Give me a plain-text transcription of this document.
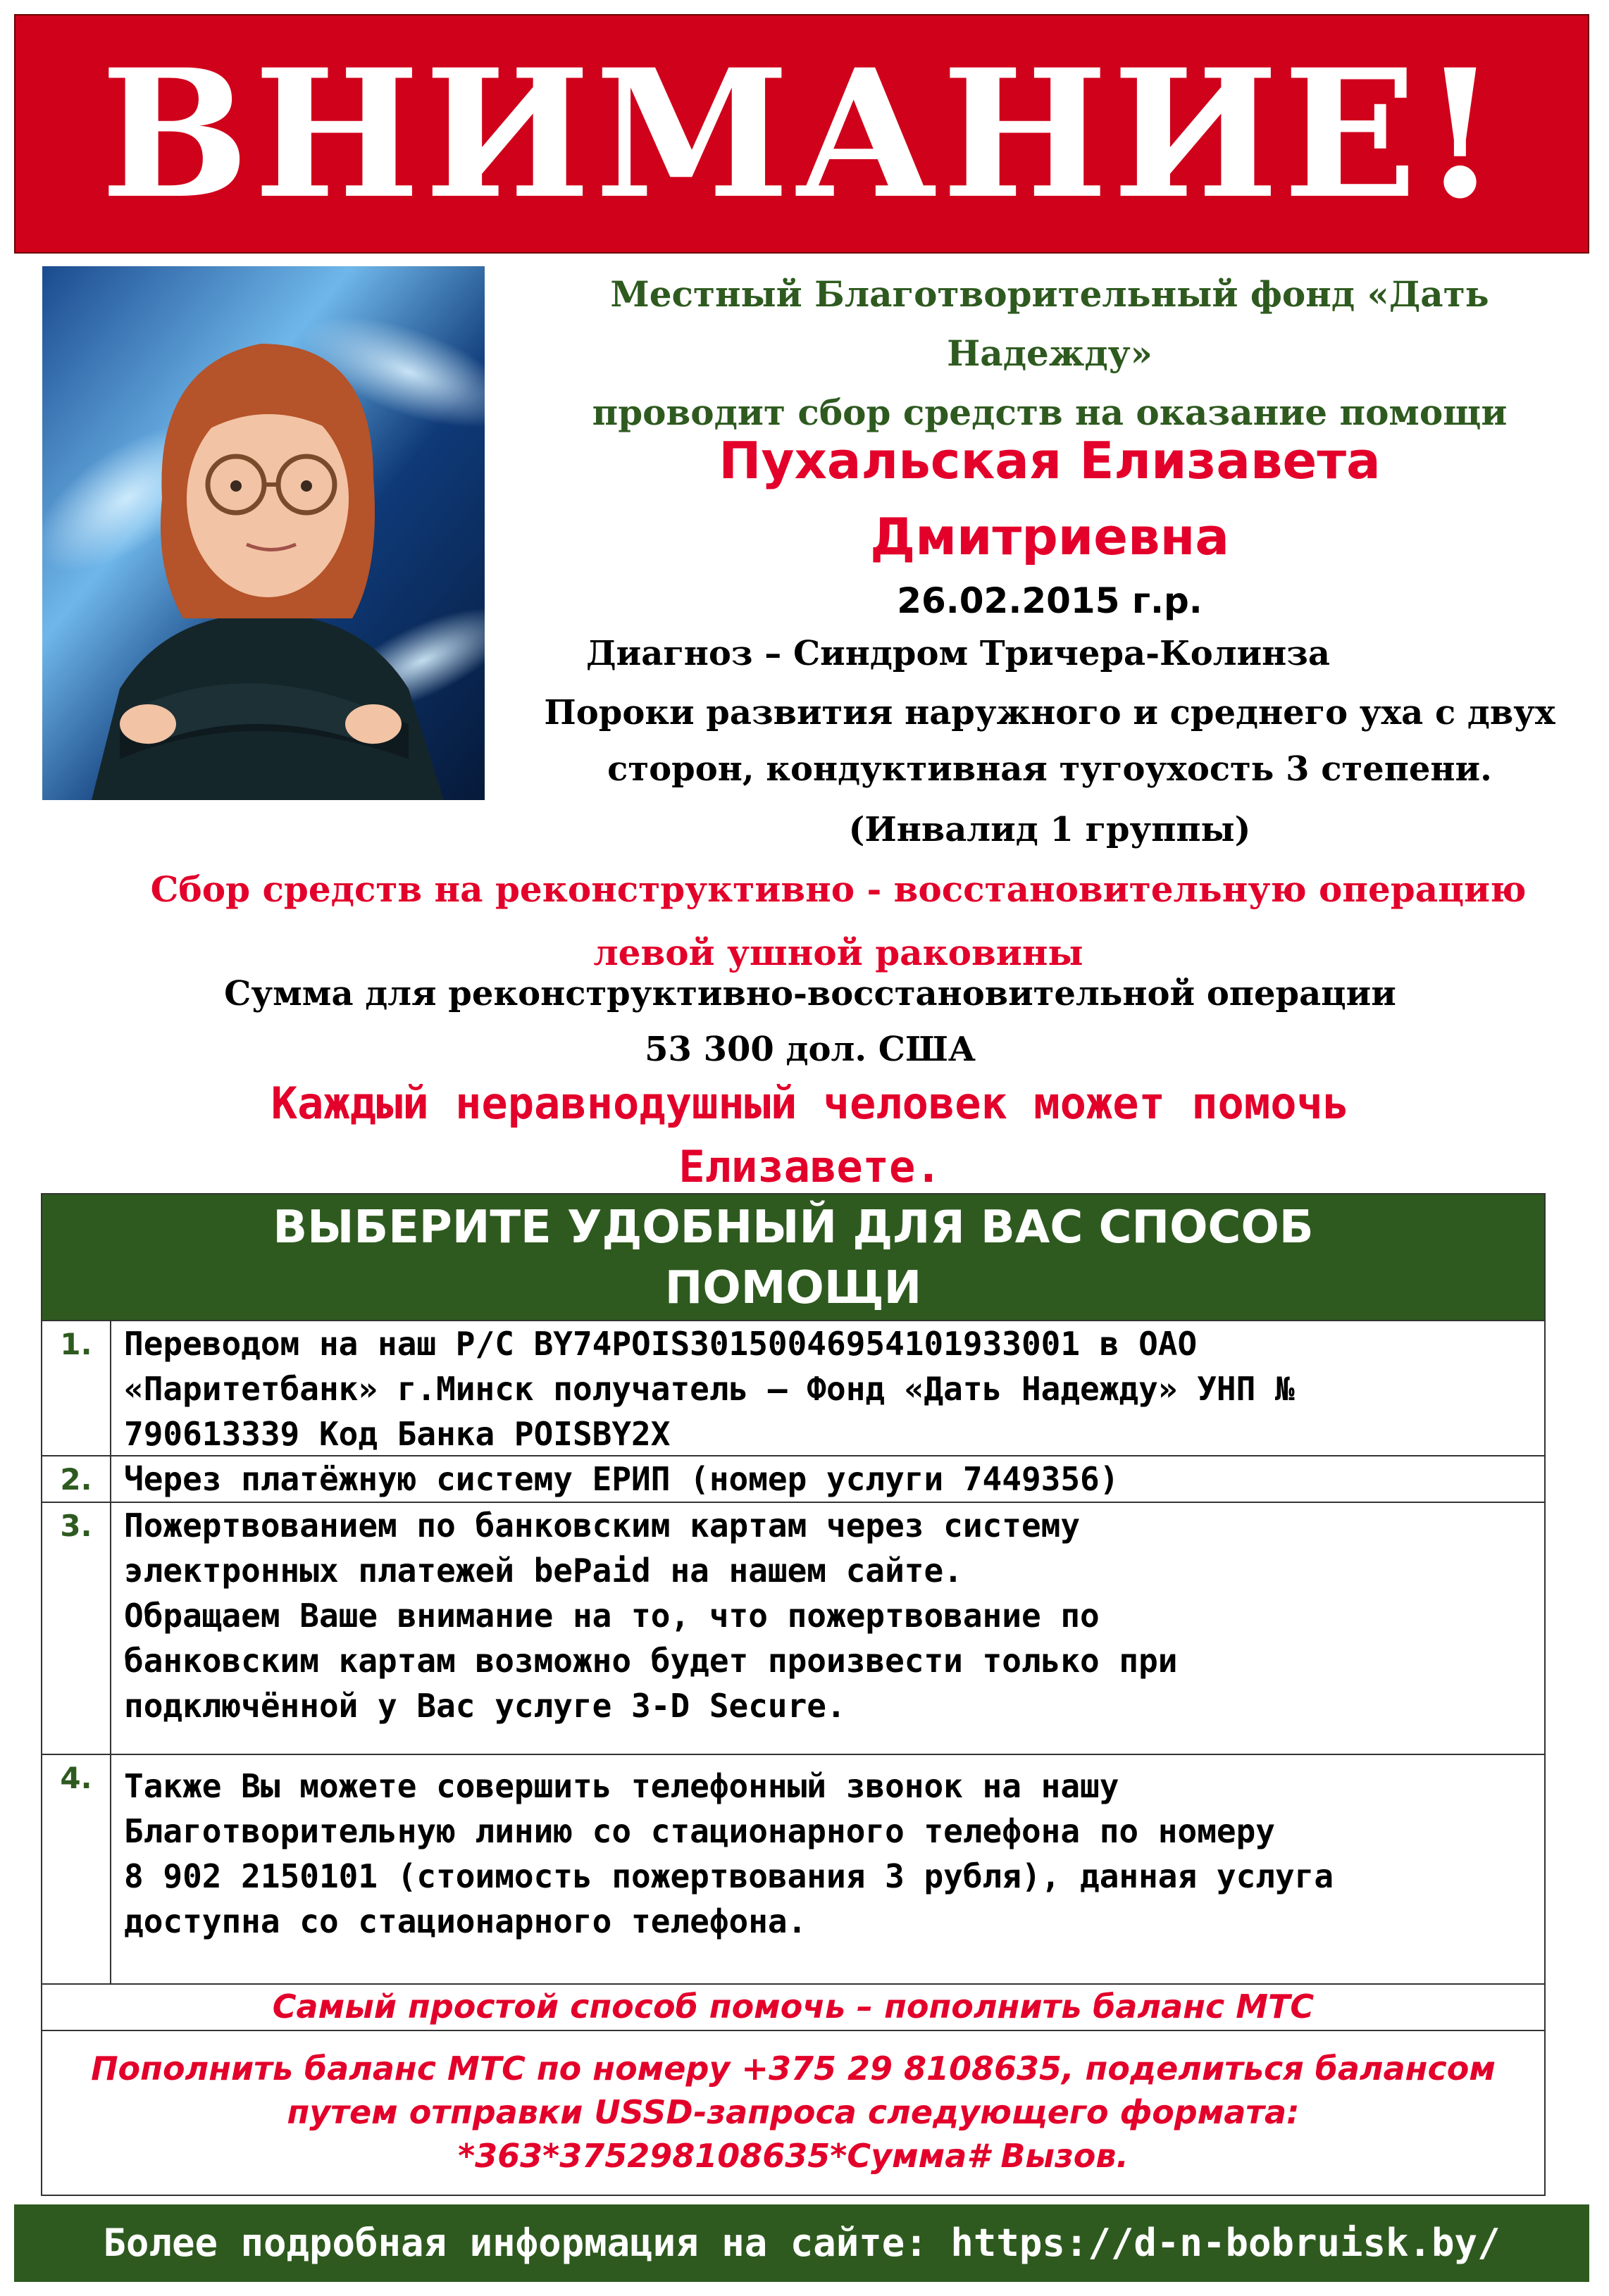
ВНИМАНИЕ!
Местный Благотворительный фонд «Дать
Надежду»
проводит сбор средств на оказание помощи
Пухальская Елизавета
Дмитриевна
26.02.2015 г.р.
Диагноз – Синдром Тричера-Колинза
Пороки развития наружного и среднего уха с двух
сторон, кондуктивная тугоухость 3 степени.
(Инвалид 1 группы)
Сбор средств на реконструктивно - восстановительную операцию
левой ушной раковины
Сумма для реконструктивно-восстановительной операции
53 300 дол. США
Каждый неравнодушный человек может помочь
Елизавете.
ВЫБЕРИТЕ УДОБНЫЙ ДЛЯ ВАС СПОСОБ
ПОМОЩИ
1. Переводом на наш Р/С BY74POIS30150046954101933001 в ОАО
«Паритетбанк» г.Минск получатель – Фонд «Дать Надежду» УНП №
790613339 Код Банка POISBY2X
2. Через платёжную систему ЕРИП (номер услуги 7449356)
3. Пожертвованием по банковским картам через систему
электронных платежей bePaid на нашем сайте.
Обращаем Ваше внимание на то, что пожертвование по
банковским картам возможно будет произвести только при
подключённой у Вас услуге 3-D Secure.
4. Также Вы можете совершить телефонный звонок на нашу
Благотворительную линию со стационарного телефона по номеру
8 902 2150101 (стоимость пожертвования 3 рубля), данная услуга
доступна со стационарного телефона.
Самый простой способ помочь – пополнить баланс МТС
Пополнить баланс МТС по номеру +375 29 8108635, поделиться балансом
путем отправки USSD-запроса следующего формата:
*363*375298108635*Сумма# Вызов.
Более подробная информация на сайте: https://d-n-bobruisk.by/
